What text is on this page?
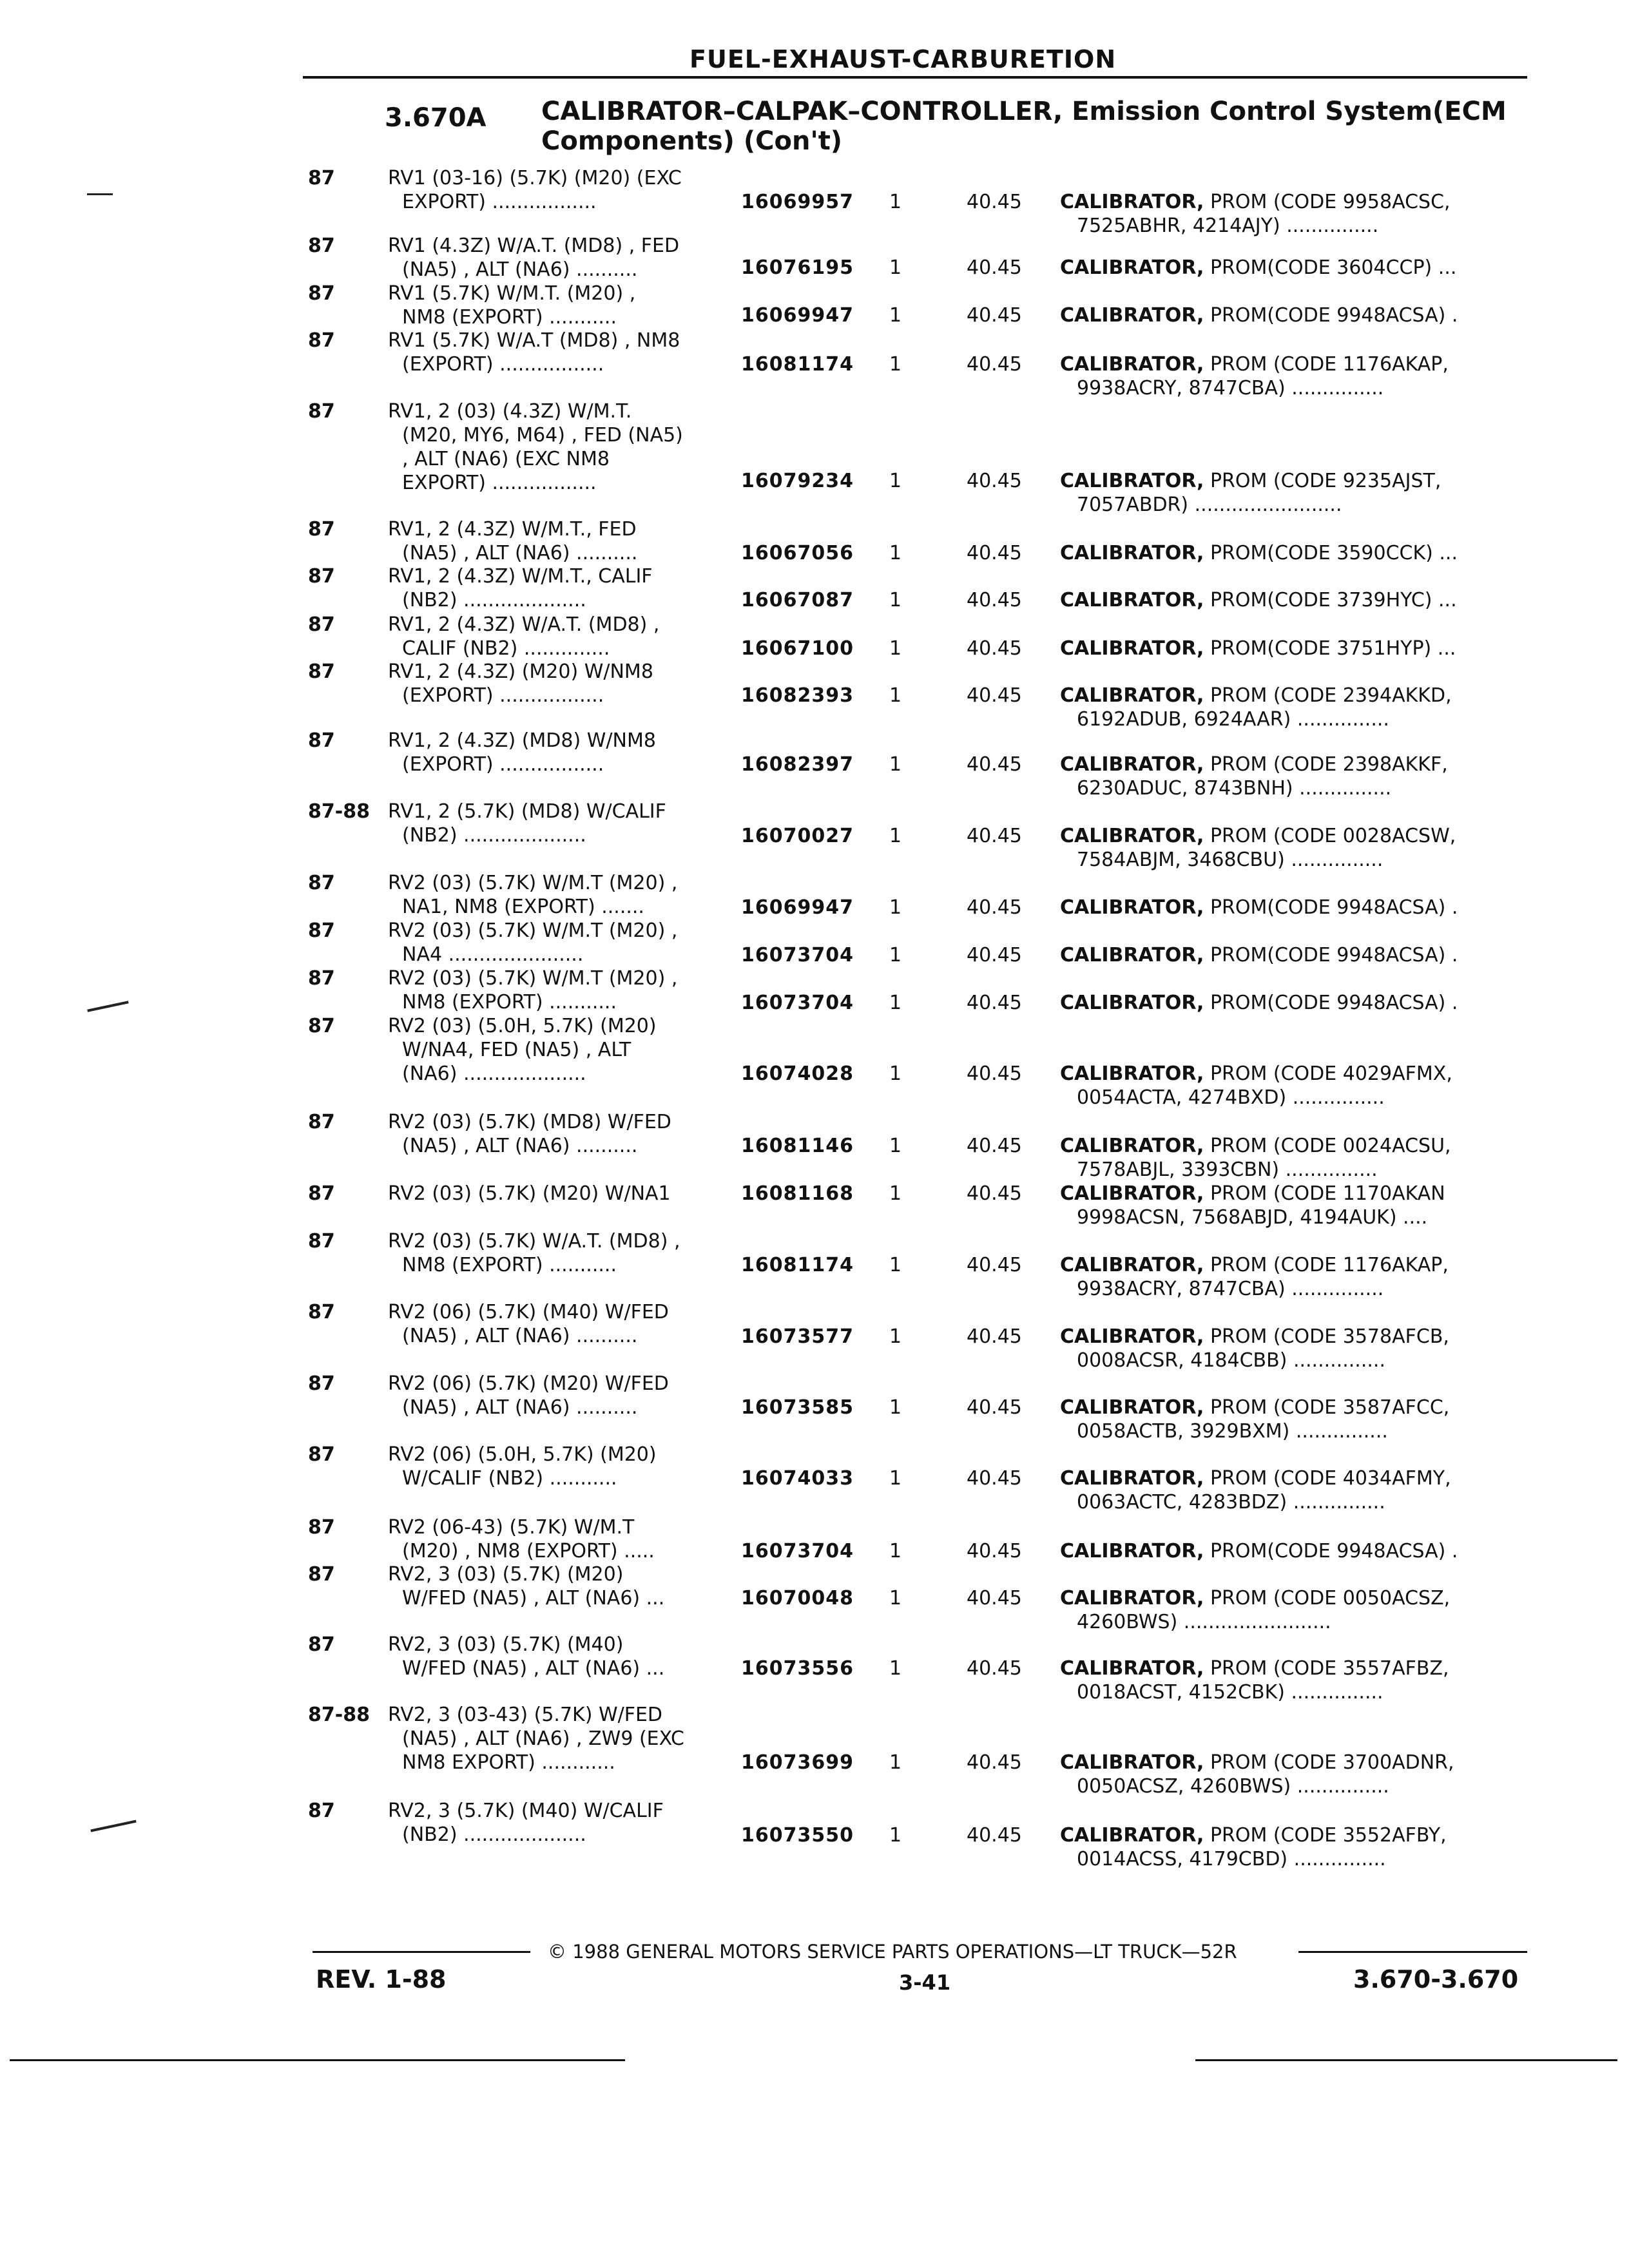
FUEL-EXHAUST-CARBURETION
3.670A CALIBRATOR–CALPAK–CONTROLLER, Emission Control System(ECM Components) (Con't)
87	RV1 (03-16) (5.7K) (M20) (EXC
EXPORT) .................	16069957 1	40.45 CALIBRATOR, PROM (CODE 9958ACSC,
7525ABHR, 4214AJY) ...............
87	RV1 (4.3Z) W/A.T. (MD8) , FED
(NA5) , ALT (NA6) ..........	16076195 1	40.45 CALIBRATOR, PROM(CODE 3604CCP) ...
87	RV1 (5.7K) W/M.T. (M20) ,
NM8 (EXPORT) ...........	16069947 1	40.45 CALIBRATOR, PROM(CODE 9948ACSA) .
87	RV1 (5.7K) W/A.T (MD8) , NM8
(EXPORT) .................	16081174 1	40.45 CALIBRATOR, PROM (CODE 1176AKAP,
9938ACRY, 8747CBA) ...............
87	RV1, 2 (03) (4.3Z) W/M.T.
(M20, MY6, M64) , FED (NA5)
, ALT (NA6) (EXC NM8
EXPORT) .................	16079234 1	40.45 CALIBRATOR, PROM (CODE 9235AJST,
7057ABDR) ........................
87	RV1, 2 (4.3Z) W/M.T., FED
(NA5) , ALT (NA6) ..........	16067056 1	40.45 CALIBRATOR, PROM(CODE 3590CCK) ...
87	RV1, 2 (4.3Z) W/M.T., CALIF
(NB2) ....................	16067087 1	40.45 CALIBRATOR, PROM(CODE 3739HYC) ...
87	RV1, 2 (4.3Z) W/A.T. (MD8) ,
CALIF (NB2) ..............	16067100 1	40.45 CALIBRATOR, PROM(CODE 3751HYP) ...
87	RV1, 2 (4.3Z) (M20) W/NM8
(EXPORT) .................	16082393 1	40.45 CALIBRATOR, PROM (CODE 2394AKKD,
6192ADUB, 6924AAR) ...............
87	RV1, 2 (4.3Z) (MD8) W/NM8
(EXPORT) .................	16082397 1	40.45 CALIBRATOR, PROM (CODE 2398AKKF,
6230ADUC, 8743BNH) ...............
87-88 RV1, 2 (5.7K) (MD8) W/CALIF
(NB2) ....................	16070027 1	40.45 CALIBRATOR, PROM (CODE 0028ACSW,
7584ABJM, 3468CBU) ...............
87	RV2 (03) (5.7K) W/M.T (M20) ,
NA1, NM8 (EXPORT) .......	16069947 1	40.45 CALIBRATOR, PROM(CODE 9948ACSA) .
87	RV2 (03) (5.7K) W/M.T (M20) ,
NA4 ......................	16073704 1	40.45 CALIBRATOR, PROM(CODE 9948ACSA) .
87	RV2 (03) (5.7K) W/M.T (M20) ,
NM8 (EXPORT) ...........	16073704 1	40.45 CALIBRATOR, PROM(CODE 9948ACSA) .
87	RV2 (03) (5.0H, 5.7K) (M20)
W/NA4, FED (NA5) , ALT
(NA6) ....................	16074028 1	40.45 CALIBRATOR, PROM (CODE 4029AFMX,
0054ACTA, 4274BXD) ...............
87	RV2 (03) (5.7K) (MD8) W/FED
(NA5) , ALT (NA6) ..........	16081146 1	40.45 CALIBRATOR, PROM (CODE 0024ACSU,
7578ABJL, 3393CBN) ...............
87	RV2 (03) (5.7K) (M20) W/NA1	16081168 1	40.45 CALIBRATOR, PROM (CODE 1170AKAN
9998ACSN, 7568ABJD, 4194AUK) ....
87	RV2 (03) (5.7K) W/A.T. (MD8) ,
NM8 (EXPORT) ...........	16081174 1	40.45 CALIBRATOR, PROM (CODE 1176AKAP,
9938ACRY, 8747CBA) ...............
87	RV2 (06) (5.7K) (M40) W/FED
(NA5) , ALT (NA6) ..........	16073577 1	40.45 CALIBRATOR, PROM (CODE 3578AFCB,
0008ACSR, 4184CBB) ...............
87	RV2 (06) (5.7K) (M20) W/FED
(NA5) , ALT (NA6) ..........	16073585 1	40.45 CALIBRATOR, PROM (CODE 3587AFCC,
0058ACTB, 3929BXM) ...............
87	RV2 (06) (5.0H, 5.7K) (M20)
W/CALIF (NB2) ...........	16074033 1	40.45 CALIBRATOR, PROM (CODE 4034AFMY,
0063ACTC, 4283BDZ) ...............
87	RV2 (06-43) (5.7K) W/M.T
(M20) , NM8 (EXPORT) .....	16073704 1	40.45 CALIBRATOR, PROM(CODE 9948ACSA) .
87	RV2, 3 (03) (5.7K) (M20)
W/FED (NA5) , ALT (NA6) ...	16070048 1	40.45 CALIBRATOR, PROM (CODE 0050ACSZ,
4260BWS) ........................
87	RV2, 3 (03) (5.7K) (M40)
W/FED (NA5) , ALT (NA6) ...	16073556 1	40.45 CALIBRATOR, PROM (CODE 3557AFBZ,
0018ACST, 4152CBK) ...............
87-88 RV2, 3 (03-43) (5.7K) W/FED
(NA5) , ALT (NA6) , ZW9 (EXC
NM8 EXPORT) ............	16073699 1	40.45 CALIBRATOR, PROM (CODE 3700ADNR,
0050ACSZ, 4260BWS) ...............
87	RV2, 3 (5.7K) (M40) W/CALIF
(NB2) ....................	16073550 1	40.45 CALIBRATOR, PROM (CODE 3552AFBY,
0014ACSS, 4179CBD) ...............
© 1988 GENERAL MOTORS SERVICE PARTS OPERATIONS—LT TRUCK—52R
REV. 1-88	3-41	3.670-3.670
